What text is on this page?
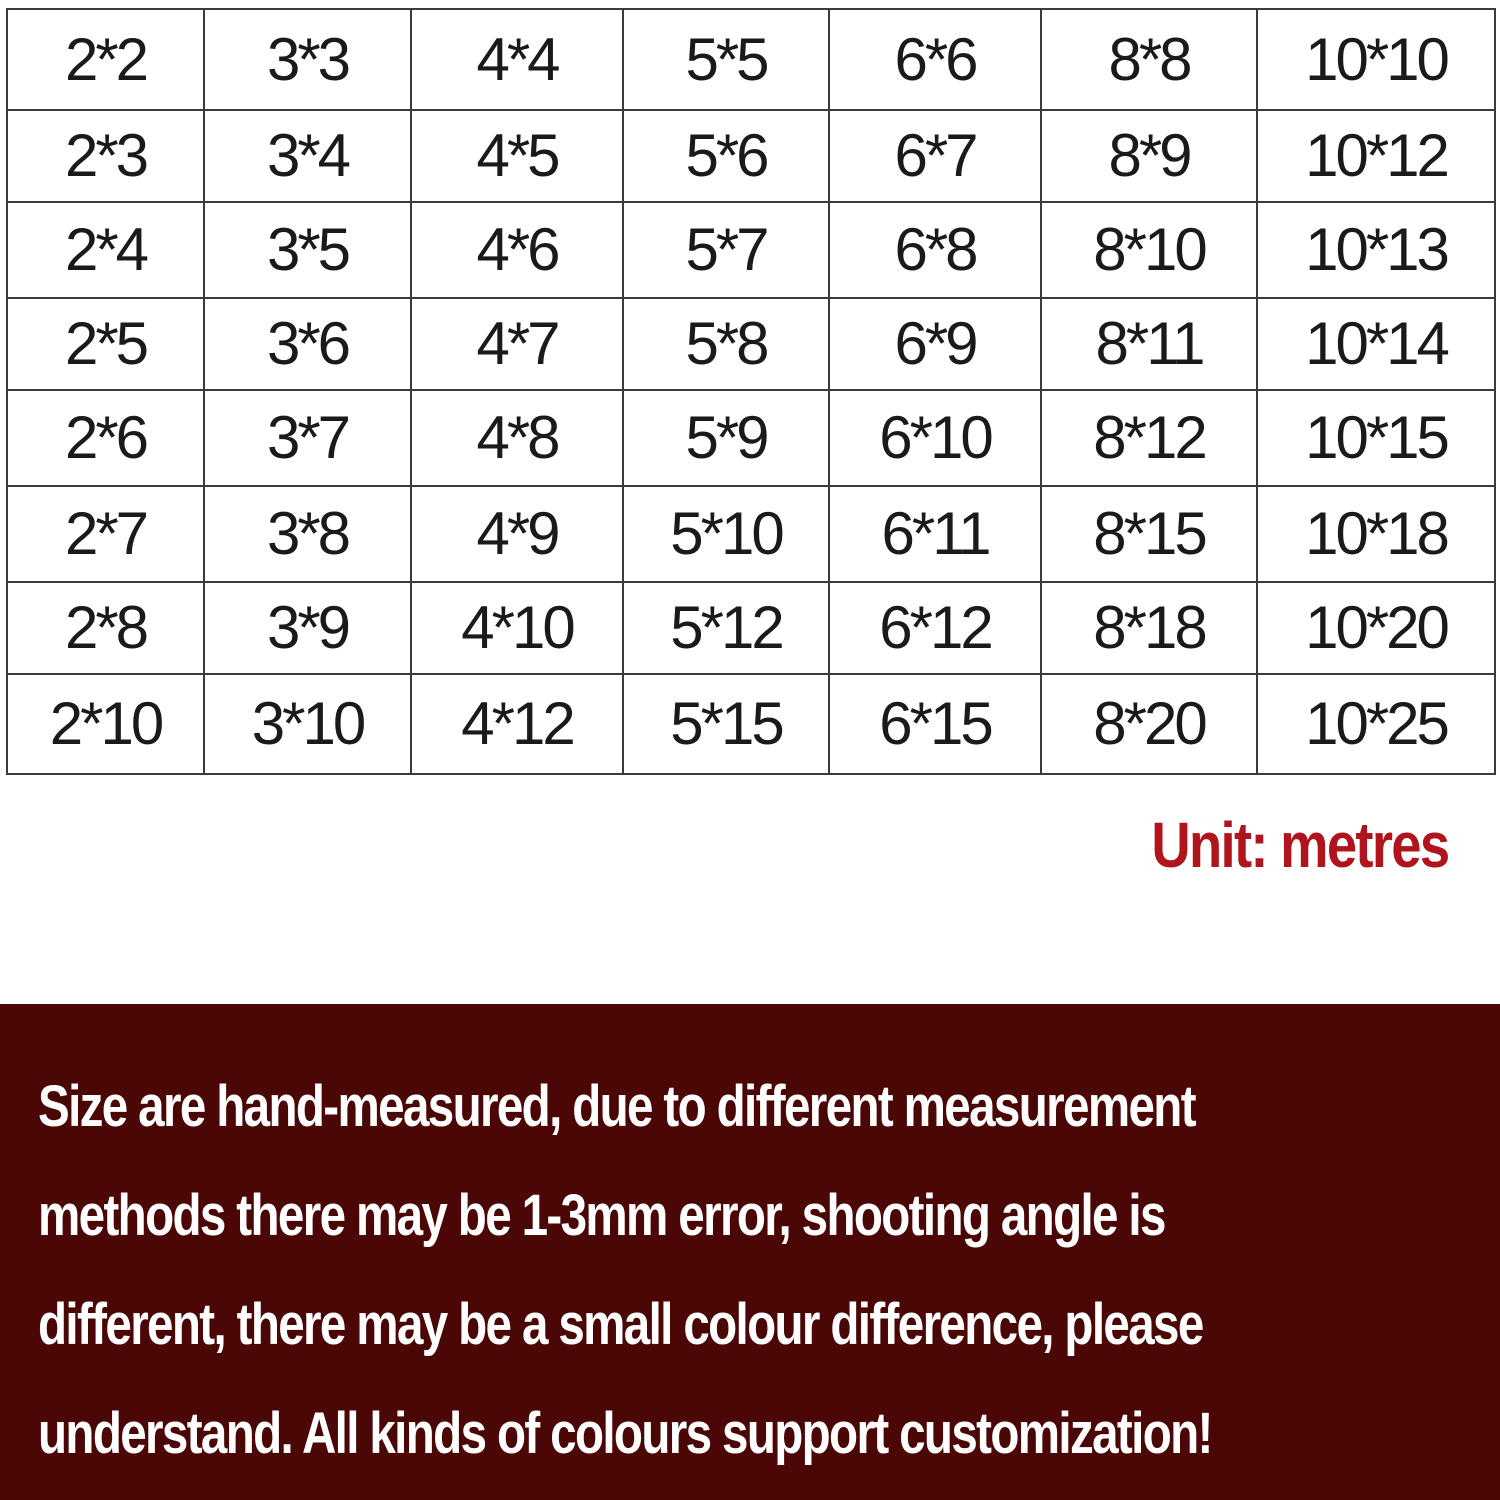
2*2	3*3	4*4	5*5	6*6	8*8	10*10
2*3	3*4	4*5	5*6	6*7	8*9	10*12
2*4	3*5	4*6	5*7	6*8	8*10	10*13
2*5	3*6	4*7	5*8	6*9	8*11	10*14
2*6	3*7	4*8	5*9	6*10	8*12	10*15
2*7	3*8	4*9	5*10	6*11	8*15	10*18
2*8	3*9	4*10	5*12	6*12	8*18	10*20
2*10	3*10	4*12	5*15	6*15	8*20	10*25
Unit: metres

Size are hand-measured, due to different measurement
methods there may be 1-3mm error, shooting angle is
different, there may be a small colour difference, please
understand. All kinds of colours support customization!
